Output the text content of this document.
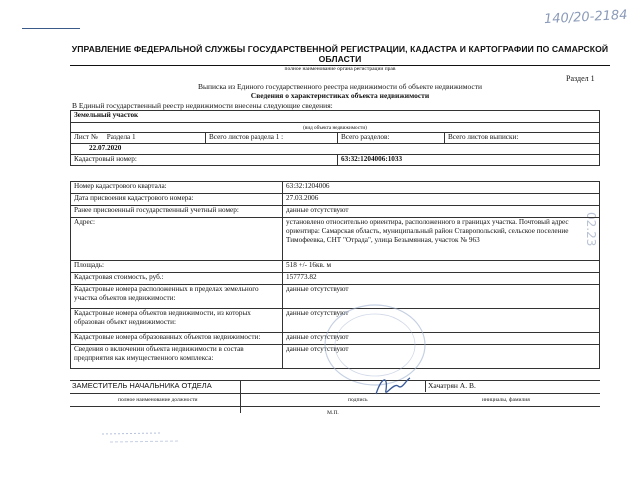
140/20-2184
02.23
УПРАВЛЕНИЕ ФЕДЕРАЛЬНОЙ СЛУЖБЫ ГОСУДАРСТВЕННОЙ РЕГИСТРАЦИИ, КАДАСТРА И КАРТОГРАФИИ ПО САМАРСКОЙ ОБЛАСТИ
полное наименование органа регистрации прав
Раздел 1
Выписка из Единого государственного реестра недвижимости об объекте недвижимости
Сведения о характеристиках объекта недвижимости
В Единый государственный реестр недвижимости внесены следующие сведения:
Земельный участок			
(вид объекта недвижимости)			
Лист № Раздела 1	Всего листов раздела 1 :	Всего разделов:	Всего листов выписки:
22.07.2020			
Кадастровый номер:		63:32:1204006:1033	
Номер кадастрового квартала:	63:32:1204006
Дата присвоения кадастрового номера:	27.03.2006
Ранее присвоенный государственный учетный номер:	данные отсутствуют
Адрес:	установлено относительно ориентира, расположенного в границах участка. Почтовый адрес ориентира: Самарская область, муниципальный район Ставропольский, сельское поселение Тимофеевка, СНТ "Отрада", улица Безымянная, участок № 963
Площадь:	518 +/- 16кв. м
Кадастровая стоимость, руб.:	157773.82
Кадастровые номера расположенных в пределах земельного участка объектов недвижимости:	данные отсутствуют
Кадастровые номера объектов недвижимости, из которых образован объект недвижимости:	данные отсутствуют
Кадастровые номера образованных объектов недвижимости:	данные отсутствуют
Сведения о включении объекта недвижимости в состав предприятия как имущественного комплекса:	данные отсутствуют
ЗАМЕСТИТЕЛЬ НАЧАЛЬНИКА ОТДЕЛА	Хачатрян А. В.
полное наименование должности	подпись	инициалы, фамилия
М.П.
